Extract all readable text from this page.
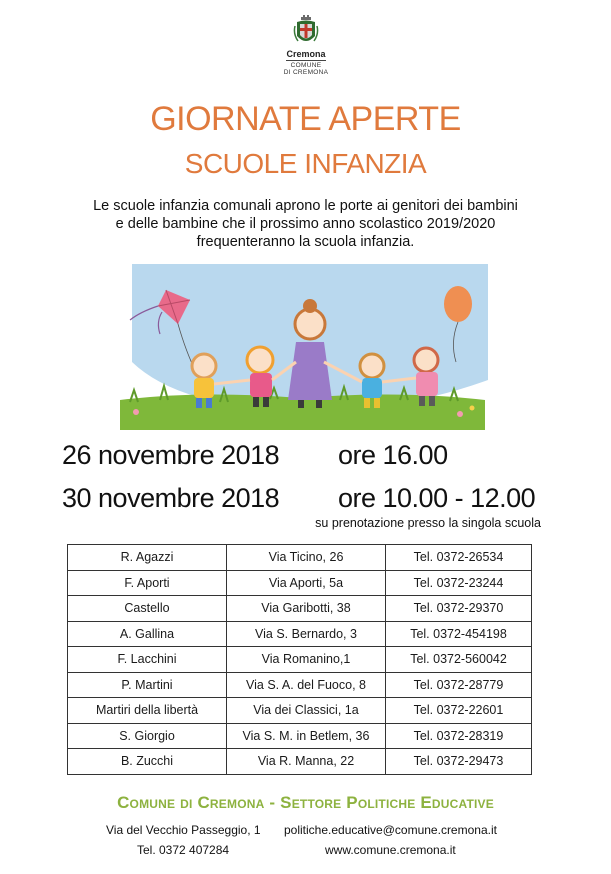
Cremona
COMUNE
DI CREMONA
GIORNATE APERTE
SCUOLE INFANZIA
Le scuole infanzia comunali aprono le porte ai genitori dei bambini
e delle bambine che il prossimo anno scolastico 2019/2020
frequenteranno la scuola infanzia.
26 novembre 2018 ore 16.00
30 novembre 2018 ore 10.00 - 12.00
su prenotazione presso la singola scuola
R. Agazzi	Via Ticino, 26	Tel. 0372-26534
F. Aporti	Via Aporti, 5a	Tel. 0372-23244
Castello	Via Garibotti, 38	Tel. 0372-29370
A. Gallina	Via S. Bernardo, 3	Tel. 0372-454198
F. Lacchini	Via Romanino,1	Tel. 0372-560042
P. Martini	Via S. A. del Fuoco, 8	Tel. 0372-28779
Martiri della libertà	Via dei Classici, 1a	Tel. 0372-22601
S. Giorgio	Via S. M. in Betlem, 36	Tel. 0372-28319
B. Zucchi	Via R. Manna, 22	Tel. 0372-29473
Comune di Cremona - Settore Politiche Educative
Via del Vecchio Passeggio, 1
Tel. 0372 407284
politiche.educative@comune.cremona.it
www.comune.cremona.it
